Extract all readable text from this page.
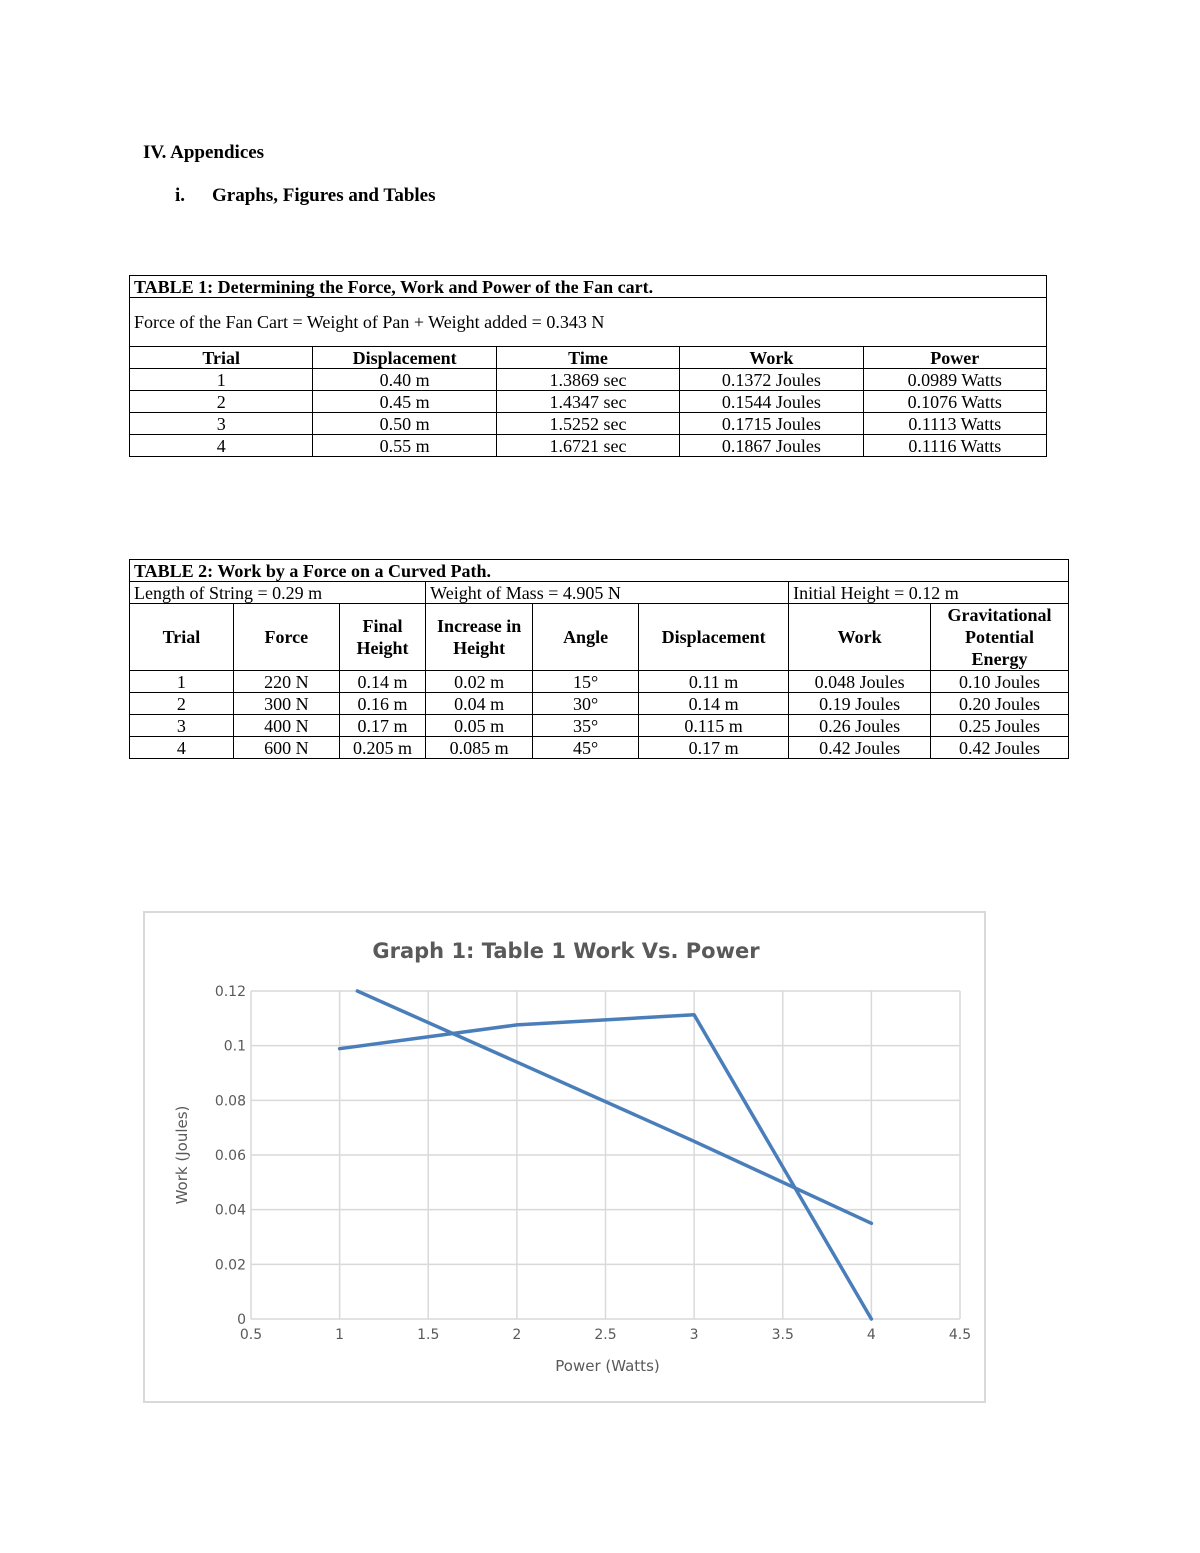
IV. Appendices
i. Graphs, Figures and Tables
TABLE 1: Determining the Force, Work and Power of the Fan cart.				
Force of the Fan Cart = Weight of Pan + Weight added = 0.343 N				
Trial	Displacement	Time	Work	Power
1	0.40 m	1.3869 sec	0.1372 Joules	0.0989 Watts
2	0.45 m	1.4347 sec	0.1544 Joules	0.1076 Watts
3	0.50 m	1.5252 sec	0.1715 Joules	0.1113 Watts
4	0.55 m	1.6721 sec	0.1867 Joules	0.1116 Watts
TABLE 2: Work by a Force on a Curved Path.							
Length of String = 0.29 m			Weight of Mass = 4.905 N			Initial Height = 0.12 m	
Trial	Force	Final Height	Increase in Height	Angle	Displacement	Work	Gravitational Potential Energy
1	220 N	0.14 m	0.02 m	15°	0.11 m	0.048 Joules	0.10 Joules
2	300 N	0.16 m	0.04 m	30°	0.14 m	0.19 Joules	0.20 Joules
3	400 N	0.17 m	0.05 m	35°	0.115 m	0.26 Joules	0.25 Joules
4	600 N	0.205 m	0.085 m	45°	0.17 m	0.42 Joules	0.42 Joules
0
0.02
0.04
0.06
0.08
0.1
0.12
0.5	1	1.5	2	2.5	3	3.5	4	4.5
Graph 1: Table 1 Work Vs. Power
Power (Watts)
Work (Joules)
